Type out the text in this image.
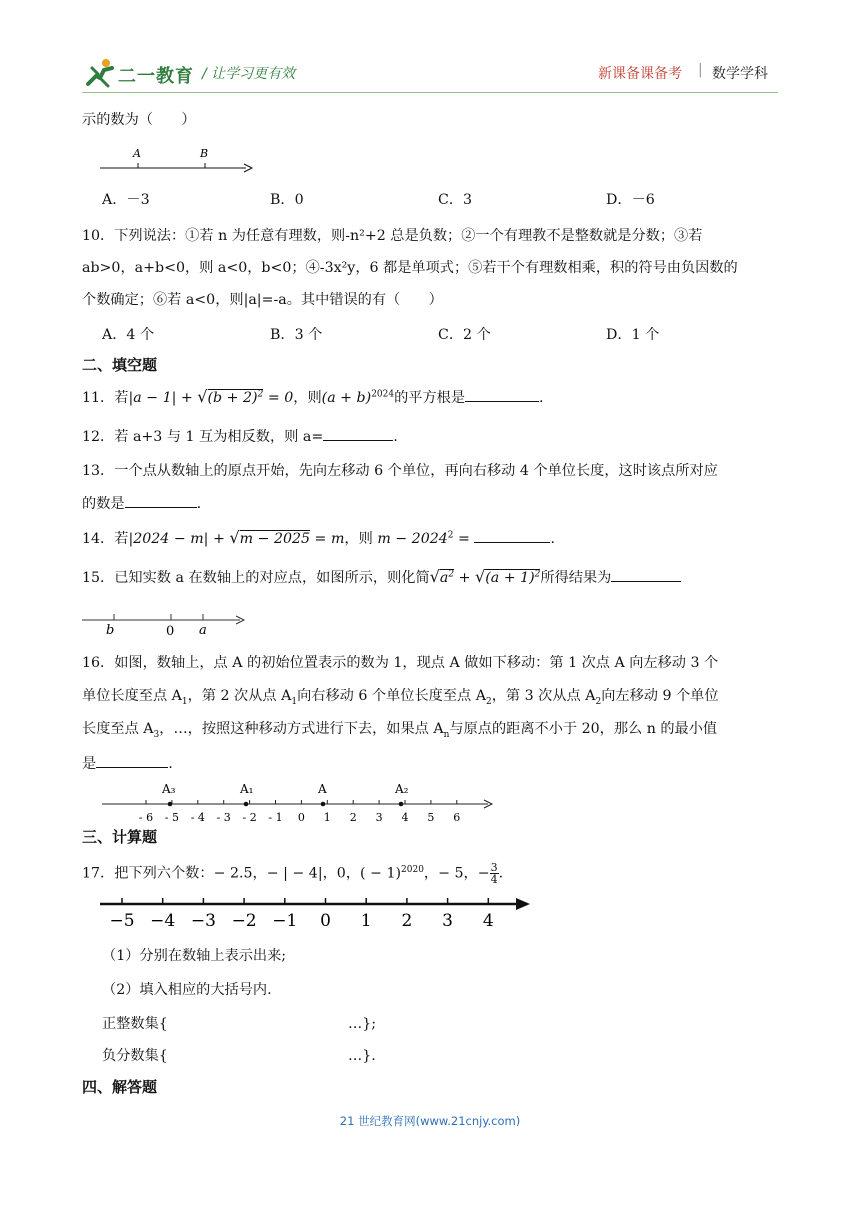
二一教育 / 让学习更有效	新课备课备考 | 数学学科
示的数为（　　）
A	B
A．－3	B．0	C．3	D．－6
10．下列说法：①若 n 为任意有理数，则-n²+2 总是负数；②一个有理教不是整数就是分数；③若
ab>0，a+b<0，则 a<0，b<0；④-3x²y，6 都是单项式；⑤若干个有理数相乘，积的符号由负因数的
个数确定；⑥若 a<0，则|a|=-a。其中错误的有（　　）
A．4 个	B．3 个	C．2 个	D．1 个
二、填空题
11．若$|a - 1| + √(b + 2)^2 = 0$，则$(a + b)^{2024}$的平方根是	.
12．若 a+3 与 1 互为相反数，则 a=	.
13．一个点从数轴上的原点开始，先向左移动 6 个单位，再向右移动 4 个单位长度，这时该点所对应
的数是	.
14．若|2024 − m| + √m − 2025 = m，则 $m - 2024^2$ =	.
15．已知实数 a 在数轴上的对应点，如图所示，则化简$√a^2 + √(a + 1)^2$所得结果为
b	0 a
16．如图，数轴上，点 A 的初始位置表示的数为 1，现点 A 做如下移动：第 1 次点 A 向左移动 3 个
单位长度至点 $A_1$，第 2 次从点 $A_1$向右移动 6 个单位长度至点 $A_2$，第 3 次从点 $A_2$向左移动 9 个单位
长度至点 $A_3$，…，按照这种移动方式进行下去，如果点 $A_n$与原点的距离不小于 20，那么 n 的最小值
是	.
- 6 - 5 - 4 - 3 - 2 - 1 0 1 2 3 4 5 6
A₃	A₁	A	A₂
三、计算题
17．把下列六个数：− 2.5，− | − 4|，0，( − 1)$^{2020}$，− 5，− $\frac{3}{4}$ .
−5 −4 −3 −2 −1 0 1 2 3 4
（1）分别在数轴上表示出来;
（2）填入相应的大括号内.
正整数集{	…};
负分数集{	…}.
四、解答题
21 世纪教育网(www.21cnjy.com)
